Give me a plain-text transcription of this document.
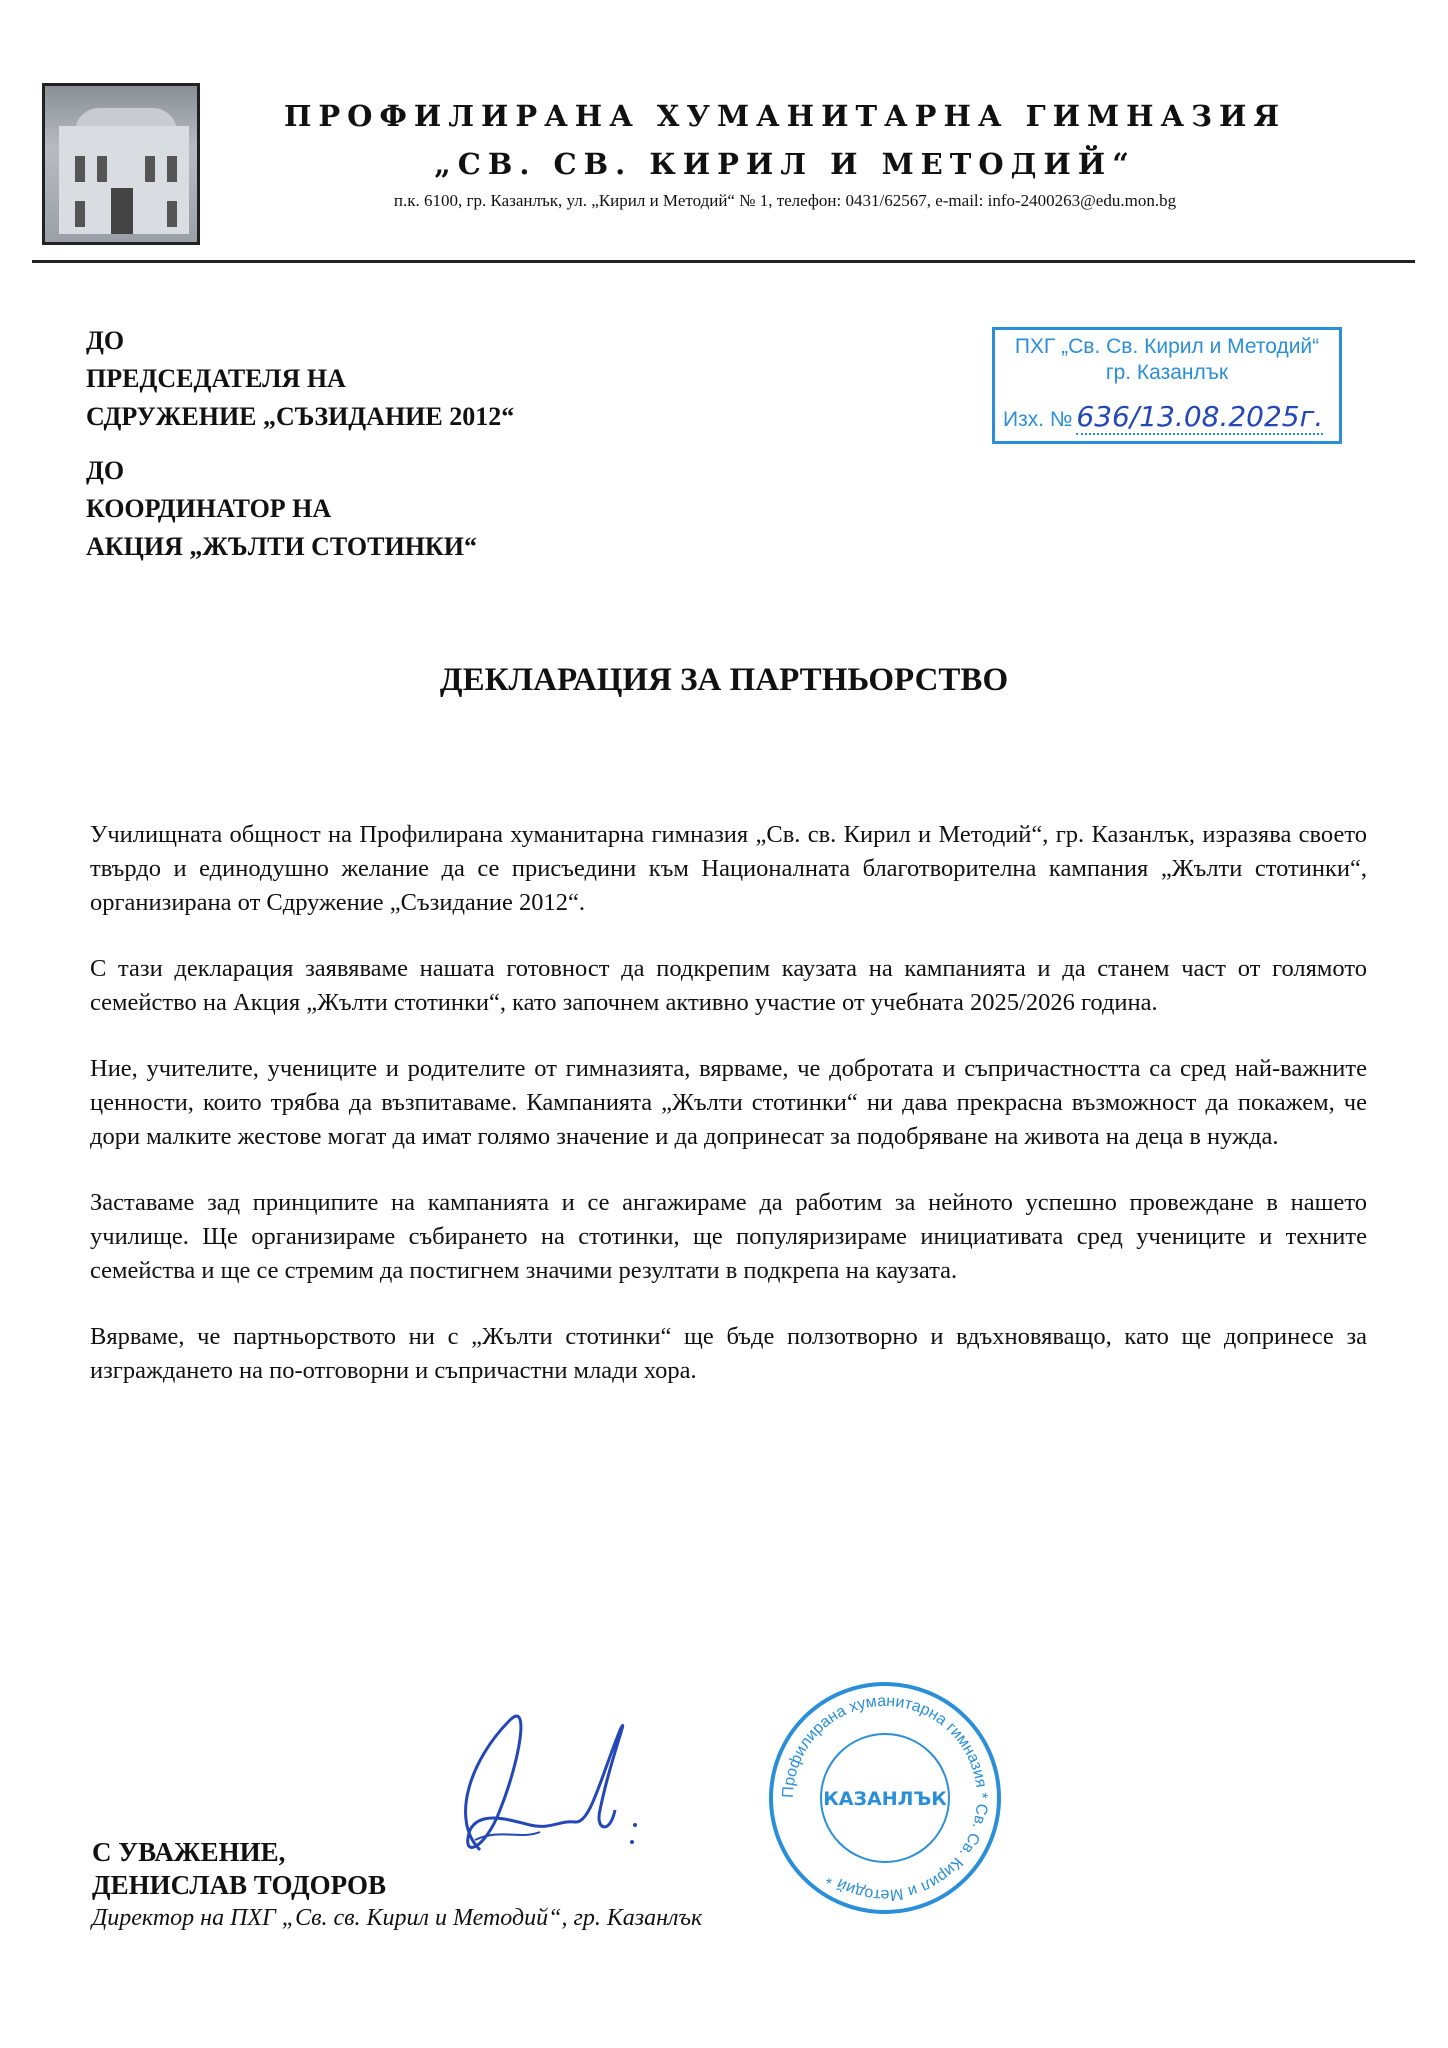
ПРОФИЛИРАНА ХУМАНИТАРНА ГИМНАЗИЯ
„СВ. СВ. КИРИЛ И МЕТОДИЙ“
п.к. 6100, гр. Казанлък, ул. „Кирил и Методий“ № 1, телефон: 0431/62567, e-mail: info-2400263@edu.mon.bg
ДО
ПРЕДСЕДАТЕЛЯ НА
СДРУЖЕНИЕ „СЪЗИДАНИЕ 2012“
ДО
КООРДИНАТОР НА
АКЦИЯ „ЖЪЛТИ СТОТИНКИ“
ПХГ „Св. Св. Кирил и Методий“
гр. Казанлък
Изх. № 636/13.08.2025г.
ДЕКЛАРАЦИЯ ЗА ПАРТНЬОРСТВО

Училищната общност на Профилирана хуманитарна гимназия „Св. св. Кирил и Методий“, гр. Казанлък, изразява своето твърдо и единодушно желание да се присъедини към Националната благотворителна кампания „Жълти стотинки“, организирана от Сдружение „Съзидание 2012“.

С тази декларация заявяваме нашата готовност да подкрепим каузата на кампанията и да станем част от голямото семейство на Акция „Жълти стотинки“, като започнем активно участие от учебната 2025/2026 година.

Ние, учителите, учениците и родителите от гимназията, вярваме, че добротата и съпричастността са сред най-важните ценности, които трябва да възпитаваме. Кампанията „Жълти стотинки“ ни дава прекрасна възможност да покажем, че дори малките жестове могат да имат голямо значение и да допринесат за подобряване на живота на деца в нужда.

Заставаме зад принципите на кампанията и се ангажираме да работим за нейното успешно провеждане в нашето училище. Ще организираме събирането на стотинки, ще популяризираме инициативата сред учениците и техните семейства и ще се стремим да постигнем значими резултати в подкрепа на каузата.

Вярваме, че партньорството ни с „Жълти стотинки“ ще бъде ползотворно и вдъхновяващо, като ще допринесе за изграждането на по-отговорни и съпричастни млади хора.

Профилирана хуманитарна гимназия * Св. Св. Кирил и Методий *
КАЗАНЛЪК
С УВАЖЕНИЕ,
ДЕНИСЛАВ ТОДОРОВ
Директор на ПХГ „Св. св. Кирил и Методий“, гр. Казанлък
